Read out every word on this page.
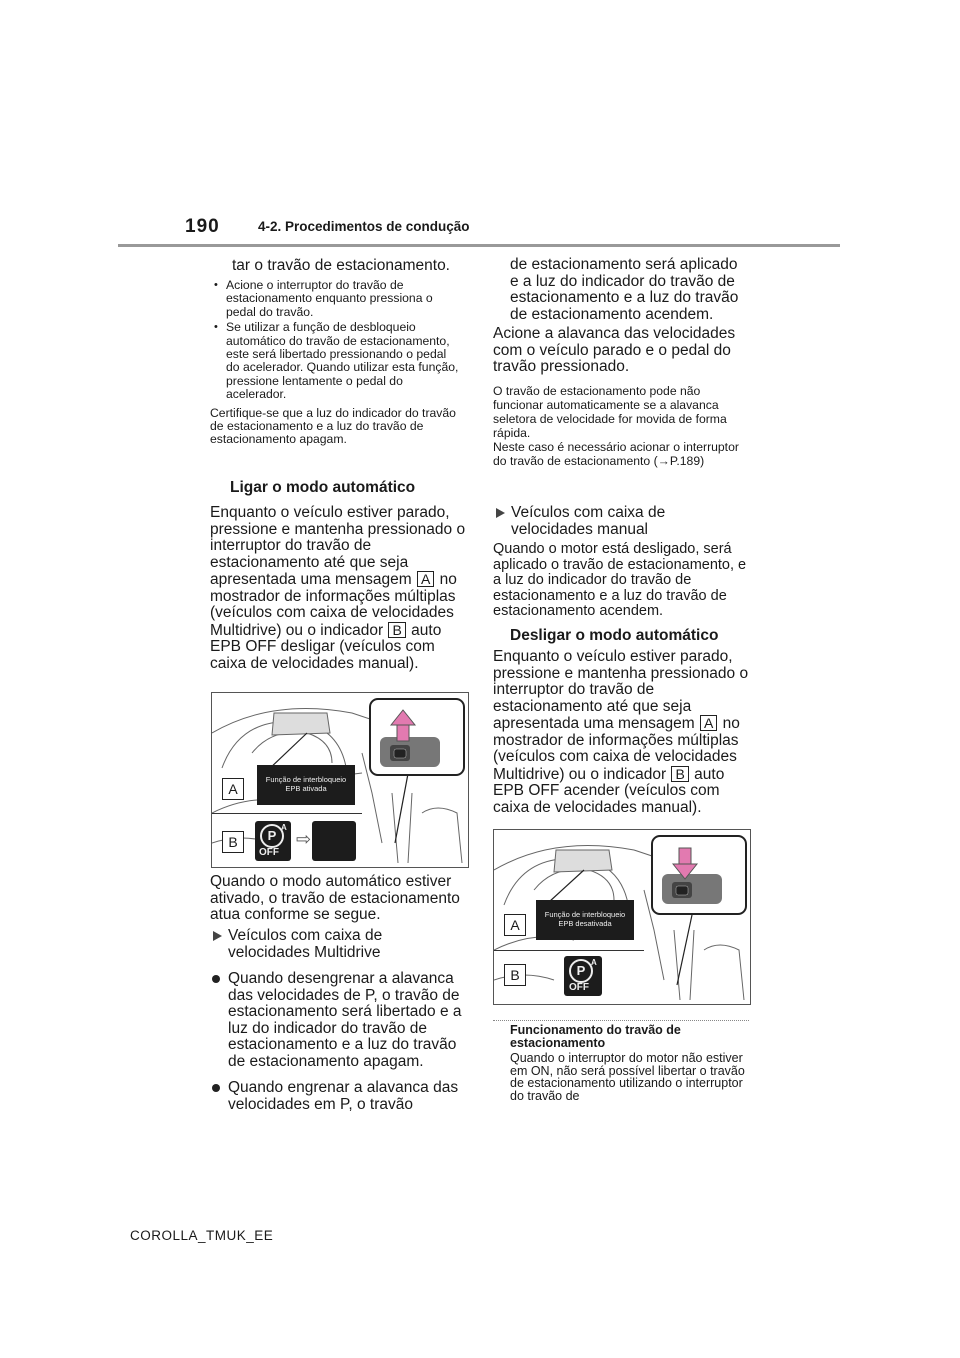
190	4-2. Procedimentos de condução
tar o travão de estacionamento.
• Acione o interruptor do travão de estacionamento enquanto pressiona o pedal do travão.
• Se utilizar a função de desbloqueio automático do travão de estacionamento, este será libertado pressionando o pedal do acelerador. Quando utilizar esta função, pressione lentamente o pedal do acelerador.
Certifique-se que a luz do indicador do travão de estacionamento e a luz do travão de estacionamento apagam.
Ligar o modo automático
Enquanto o veículo estiver parado, pressione e mantenha pressionado o interruptor do travão de estacionamento até que seja apresentada uma mensagem A no mostrador de informações múltiplas (veículos com caixa de velocidades Multidrive) ou o indicador B auto EPB OFF desligar (veículos com caixa de velocidades manual).
Função de interbloqueio
EPB ativada
A
B	P
A
OFF
⇨
Quando o modo automático estiver ativado, o travão de estacionamento atua conforme se segue.
Veículos com caixa de velocidades Multidrive
Quando desengrenar a alavanca das velocidades de P, o travão de estacionamento será libertado e a luz do indicador do travão de estacionamento e a luz do travão de estacionamento apagam.
Quando engrenar a alavanca das velocidades em P, o travão
de estacionamento será aplicado e a luz do indicador do travão de estacionamento e a luz do travão de estacionamento acendem.
Acione a alavanca das velocidades com o veículo parado e o pedal do travão pressionado.
O travão de estacionamento pode não funcionar automaticamente se a alavanca seletora de velocidade for movida de forma rápida.
Neste caso é necessário acionar o interruptor do travão de estacionamento (→P.189)
Veículos com caixa de velocidades manual
Quando o motor está desligado, será aplicado o travão de estacionamento, e a luz do indicador do travão de estacionamento e a luz do travão de estacionamento acendem.
Desligar o modo automático
Enquanto o veículo estiver parado, pressione e mantenha pressionado o interruptor do travão de estacionamento até que seja apresentada uma mensagem A no mostrador de informações múltiplas (veículos com caixa de velocidades Multidrive) ou o indicador B auto EPB OFF acender (veículos com caixa de velocidades manual).
Função de interbloqueio
EPB desativada
A
B	P
A
OFF
Funcionamento do travão de estacionamento
Quando o interruptor do motor não estiver em ON, não será possível libertar o travão de estacionamento utilizando o interruptor do travão de
COROLLA_TMUK_EE
